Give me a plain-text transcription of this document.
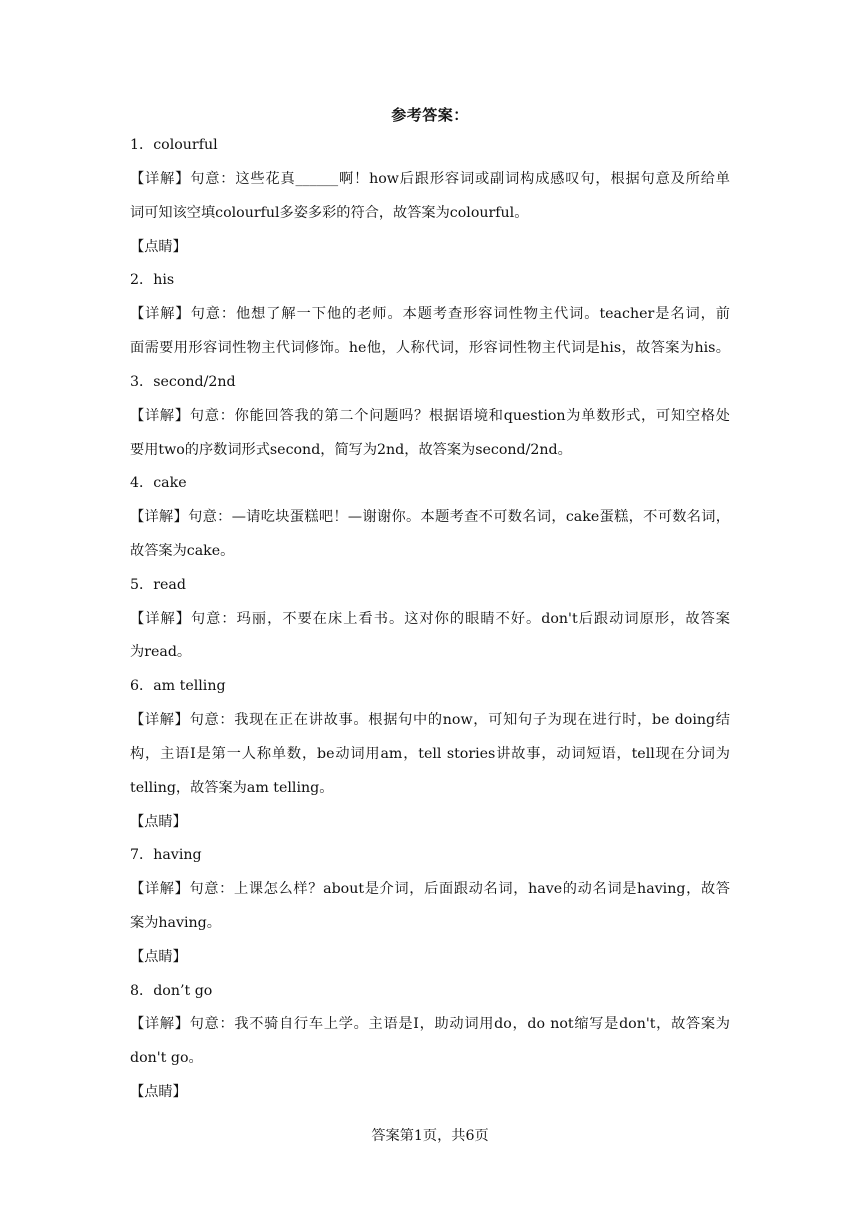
参考答案：
1．colourful
【详解】句意：这些花真______啊！how后跟形容词或副词构成感叹句，根据句意及所给单
词可知该空填colourful多姿多彩的符合，故答案为colourful。
【点睛】
2．his
【详解】句意：他想了解一下他的老师。本题考查形容词性物主代词。teacher是名词，前
面需要用形容词性物主代词修饰。he他，人称代词，形容词性物主代词是his，故答案为his。
3．second/2nd
【详解】句意：你能回答我的第二个问题吗？根据语境和question为单数形式，可知空格处
要用two的序数词形式second，简写为2nd，故答案为second/2nd。
4．cake
【详解】句意：—请吃块蛋糕吧！—谢谢你。本题考查不可数名词，cake蛋糕，不可数名词，
故答案为cake。
5．read
【详解】句意：玛丽，不要在床上看书。这对你的眼睛不好。don't后跟动词原形，故答案
为read。
6．am telling
【详解】句意：我现在正在讲故事。根据句中的now，可知句子为现在进行时，be doing结
构，主语I是第一人称单数，be动词用am，tell stories讲故事，动词短语，tell现在分词为
telling，故答案为am telling。
【点睛】
7．having
【详解】句意：上课怎么样？about是介词，后面跟动名词，have的动名词是having，故答
案为having。
【点睛】
8．don’t go
【详解】句意：我不骑自行车上学。主语是I，助动词用do，do not缩写是don't，故答案为
don't go。
【点睛】
答案第1页，共6页
